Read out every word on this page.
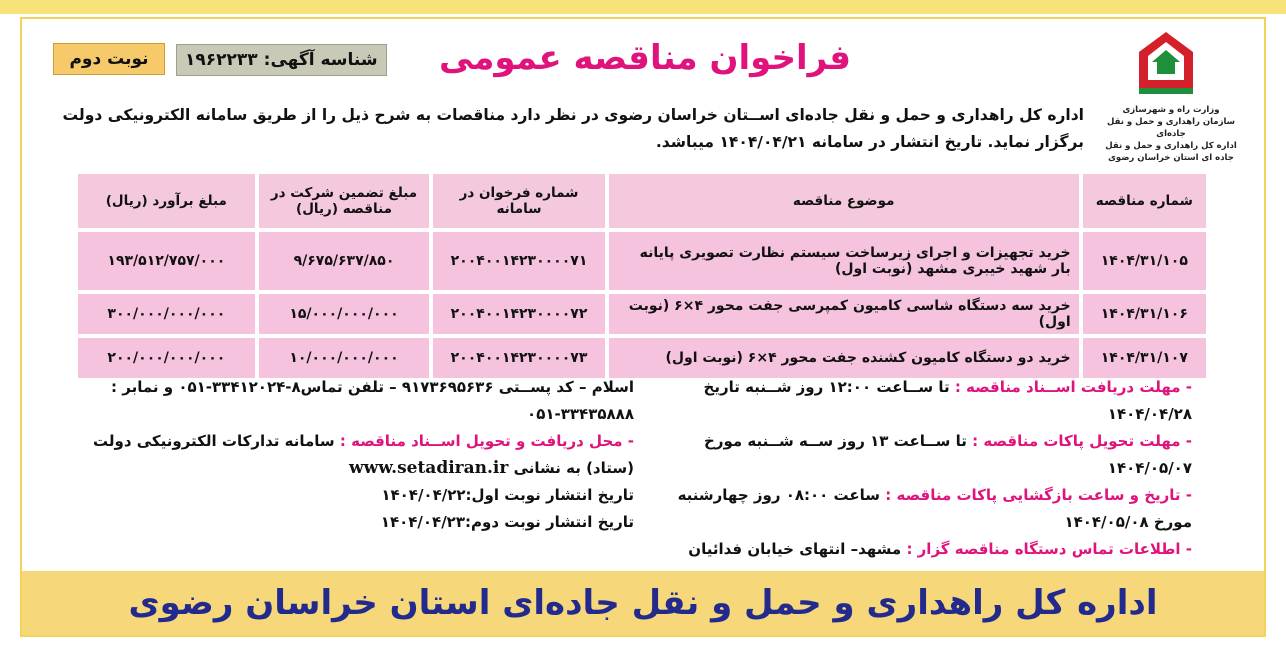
وزارت راه و شهرسازی
سازمان راهداری و حمل و نقل جاده‌ای
اداره کل راهداری و حمل و نقل
جاده ای استان خراسان رضوی
فراخوان مناقصه عمومی
شناسه آگهی:
۱۹۶۲۲۳۳
نوبت دوم
اداره کل راهداری و حمل و نقل جاده‌ای اســتان خراسان رضوی در نظر دارد مناقصات به شرح ذیل را از طریق سامانه الکترونیکی دولت
برگزار نماید. تاریخ انتشار در سامانه ۱۴۰۴/۰۴/۲۱ میباشد.
شماره مناقصه	موضوع مناقصه	شماره فرخوان در سامانه	مبلغ تضمین شرکت در مناقصه (ریال)	مبلغ برآورد (ریال)
۱۴۰۴/۳۱/۱۰۵	خرید تجهیزات و اجرای زیرساخت سیستم نظارت تصویری پایانه بار شهید خیبری مشهد (نوبت اول)	۲۰۰۴۰۰۱۴۲۳۰۰۰۰۷۱	۹/۶۷۵/۶۳۷/۸۵۰	۱۹۳/۵۱۲/۷۵۷/۰۰۰
۱۴۰۴/۳۱/۱۰۶	خرید سه دستگاه شاسی کامیون کمپرسی جفت محور ۴×۶ (نوبت اول)	۲۰۰۴۰۰۱۴۲۳۰۰۰۰۷۲	۱۵/۰۰۰/۰۰۰/۰۰۰	۳۰۰/۰۰۰/۰۰۰/۰۰۰
۱۴۰۴/۳۱/۱۰۷	خرید دو دستگاه کامیون کشنده جفت محور ۴×۶ (نوبت اول)	۲۰۰۴۰۰۱۴۲۳۰۰۰۰۷۳	۱۰/۰۰۰/۰۰۰/۰۰۰	۲۰۰/۰۰۰/۰۰۰/۰۰۰
- مهلت دریافت اســناد مناقصه : تا ســاعت ۱۲:۰۰ روز شــنبه تاریخ ۱۴۰۴/۰۴/۲۸
- مهلت تحویل پاکات مناقصه : تا ســاعت ۱۳ روز ســه شــنبه مورخ ۱۴۰۴/۰۵/۰۷
- تاریخ و ساعت بازگشایی پاکات مناقصه : ساعت ۰۸:۰۰ روز چهارشنبه مورخ ۱۴۰۴/۰۵/۰۸
- اطلاعات تماس دستگاه مناقصه گزار : مشهد– انتهای خیابان فدائیان
اسلام – کد پســتی ۹۱۷۳۶۹۵۶۳۶ – تلفن تماس۸-۳۳۴۱۲۰۲۴-۰۵۱ و نمابر : ۳۳۴۳۵۸۸۸-۰۵۱
- محل دریافت و تحویل اســناد مناقصه : سامانه تدارکات الکترونیکی دولت (ستاد) به نشانی www.setadiran.ir
تاریخ انتشار نوبت اول:۱۴۰۴/۰۴/۲۲
تاریخ انتشار نوبت دوم:۱۴۰۴/۰۴/۲۳
اداره کل راهداری و حمل و نقل جاده‌ای استان خراسان رضوی
